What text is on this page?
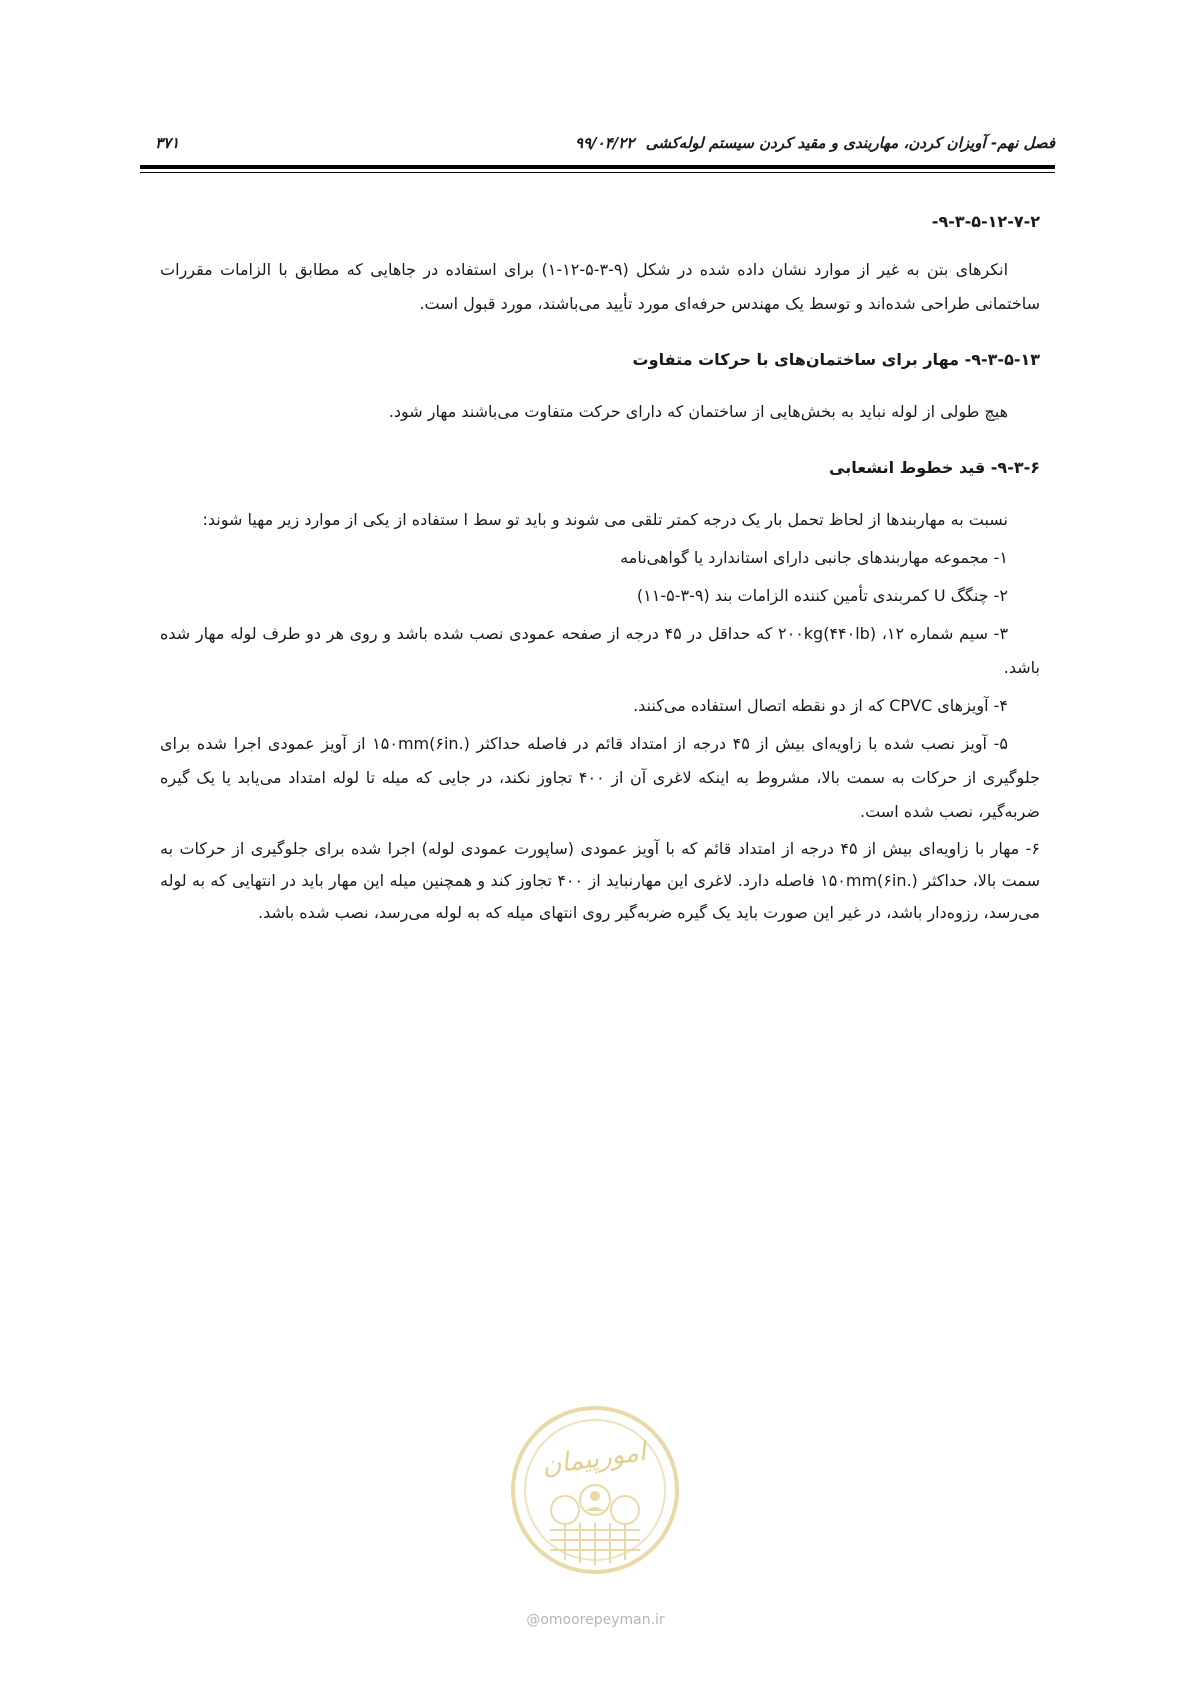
فصل نهم- آویزان کردن، مهاربندی و مقید کردن سیستم لوله‌کشی
۹۹/۰۴/۲۲
۳۷۱

۹-۳-۵-۱۲-۷-۲-

انکرهای بتن به غیر از موارد نشان داده شده در شکل (۹-۳-۵-۱۲-۱) برای استفاده در جاهایی که مطابق با الزامات مقررات ساختمانی طراحی شده‌اند و توسط یک مهندس حرفه‌ای مورد تأیید می‌باشند، مورد قبول است.

۹-۳-۵-۱۳- مهار برای ساختمان‌های با حرکات متفاوت

هیچ طولی از لوله نباید به بخش‌هایی از ساختمان که دارای حرکت متفاوت می‌باشند مهار شود.

۹-۳-۶- قید خطوط انشعابی

نسبت به مهاربندها از لحاظ تحمل بار یک درجه کمتر تلقی می شوند و باید تو سط ا ستفاده از یکی از موارد زیر مهیا شوند:

۱- مجموعه مهاربندهای جانبی دارای استاندارد یا گواهی‌نامه

۲- چنگگ U کمربندی تأمین کننده الزامات بند (۹-۳-۵-۱۱)

۳- سیم شماره ۱۲، ۲۰۰kg(۴۴۰lb) که حداقل در ۴۵ درجه از صفحه عمودی نصب شده باشد و روی هر دو طرف لوله مهار شده باشد.

۴- آویزهای CPVC که از دو نقطه اتصال استفاده می‌کنند.

۵- آویز نصب شده با زاویه‌ای بیش از ۴۵ درجه از امتداد قائم در فاصله حداکثر ۱۵۰mm(۶in.) از آویز عمودی اجرا شده برای جلوگیری از حرکات به سمت بالا، مشروط به اینکه لاغری آن از ۴۰۰ تجاوز نکند، در جایی که میله تا لوله امتداد می‌یابد یا یک گیره ضربه‌گیر، نصب شده است.

۶- مهار با زاویه‌ای بیش از ۴۵ درجه از امتداد قائم که با آویز عمودی (ساپورت عمودی لوله) اجرا شده برای جلوگیری از حرکات به سمت بالا، حداکثر ۱۵۰mm(۶in.) فاصله دارد. لاغری این مهارنباید از ۴۰۰ تجاوز کند و همچنین میله این مهار باید در انتهایی که به لوله می‌رسد، رزوه‌دار باشد، در غیر این صورت باید یک گیره ضربه‌گیر روی انتهای میله که به لوله می‌رسد، نصب شده باشد.

امورپیمان
@omoorepeyman.ir
